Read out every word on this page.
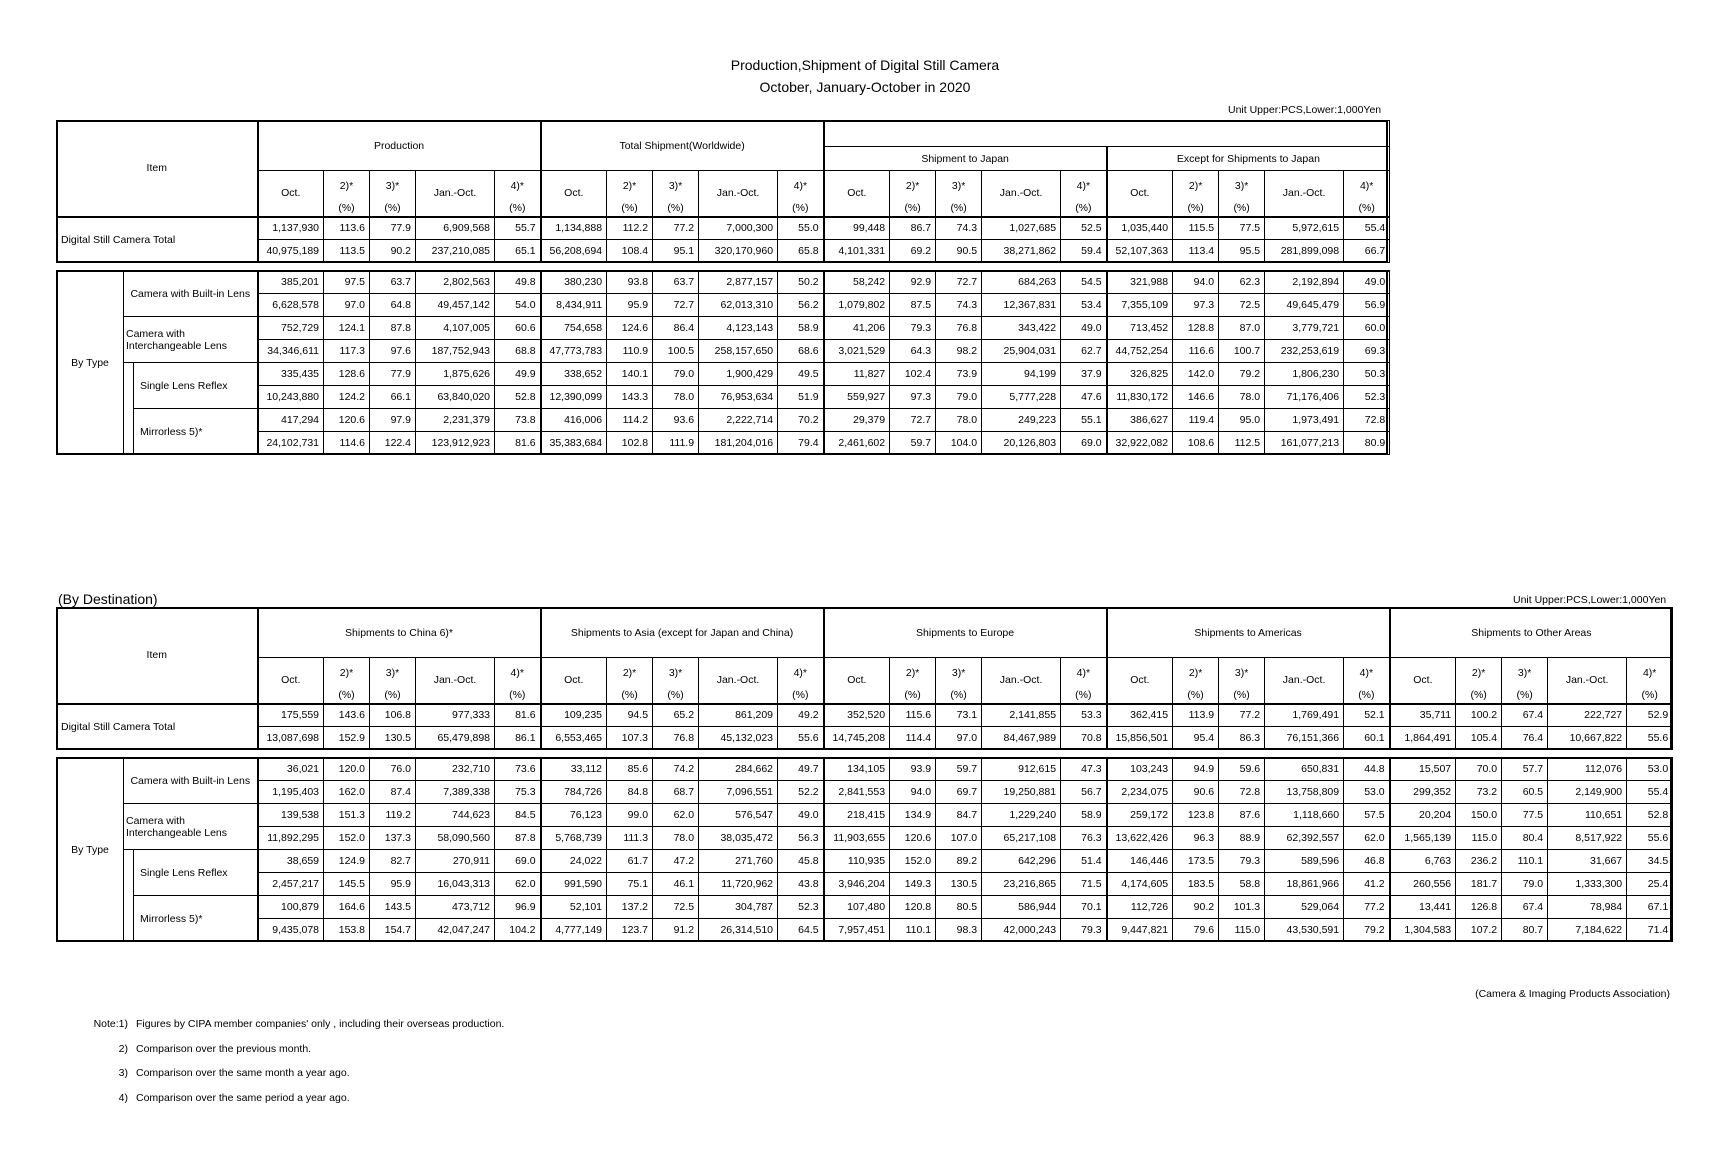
Production,Shipment of Digital Still Camera
October, January-October in 2020
Unit Upper:PCS,Lower:1,000Yen
Item			Production					Total Shipment(Worldwide)														
													Shipment to Japan					Except for Shipments to Japan				
			Oct.	2)*	3)*	Jan.-Oct.	4)*	Oct.	2)*	3)*	Jan.-Oct.	4)*	Oct.	2)*	3)*	Jan.-Oct.	4)*	Oct.	2)*	3)*	Jan.-Oct.	4)*
				(%)	(%)		(%)		(%)	(%)		(%)		(%)	(%)		(%)		(%)	(%)		(%)
Digital Still Camera Total			1,137,930	113.6	77.9	6,909,568	55.7	1,134,888	112.2	77.2	7,000,300	55.0	99,448	86.7	74.3	1,027,685	52.5	1,035,440	115.5	77.5	5,972,615	55.4
			40,975,189	113.5	90.2	237,210,085	65.1	56,208,694	108.4	95.1	320,170,960	65.8	4,101,331	69.2	90.5	38,271,862	59.4	52,107,363	113.4	95.5	281,899,098	66.7

By Type	Camera with Built-in Lens		385,201	97.5	63.7	2,802,563	49.8	380,230	93.8	63.7	2,877,157	50.2	58,242	92.9	72.7	684,263	54.5	321,988	94.0	62.3	2,192,894	49.0
			6,628,578	97.0	64.8	49,457,142	54.0	8,434,911	95.9	72.7	62,013,310	56.2	1,079,802	87.5	74.3	12,367,831	53.4	7,355,109	97.3	72.5	49,645,479	56.9

	Camera with
Interchangeable Lens		752,729	124.1	87.8	4,107,005	60.6	754,658	124.6	86.4	4,123,143	58.9	41,206	79.3	76.8	343,422	49.0	713,452	128.8	87.0	3,779,721	60.0
			34,346,611	117.3	97.6	187,752,943	68.8	47,773,783	110.9	100.5	258,157,650	68.6	3,021,529	64.3	98.2	25,904,031	62.7	44,752,254	116.6	100.7	232,253,619	69.3
		Single Lens Reflex	335,435	128.6	77.9	1,875,626	49.9	338,652	140.1	79.0	1,900,429	49.5	11,827	102.4	73.9	94,199	37.9	326,825	142.0	79.2	1,806,230	50.3
			10,243,880	124.2	66.1	63,840,020	52.8	12,390,099	143.3	78.0	76,953,634	51.9	559,927	97.3	79.0	5,777,228	47.6	11,830,172	146.6	78.0	71,176,406	52.3
		Mirrorless 5)*	417,294	120.6	97.9	2,231,379	73.8	416,006	114.2	93.6	2,222,714	70.2	29,379	72.7	78.0	249,223	55.1	386,627	119.4	95.0	1,973,491	72.8
			24,102,731	114.6	122.4	123,912,923	81.6	35,383,684	102.8	111.9	181,204,016	79.4	2,461,602	59.7	104.0	20,126,803	69.0	32,922,082	108.6	112.5	161,077,213	80.9
(By Destination)	Unit Upper:PCS,Lower:1,000Yen
Item			Shipments to China 6)*					Shipments to Asia (except for Japan and China)					Shipments to Europe					Shipments to Americas					Shipments to Other Areas				

			Oct.	2)*	3)*	Jan.-Oct.	4)*	Oct.	2)*	3)*	Jan.-Oct.	4)*	Oct.	2)*	3)*	Jan.-Oct.	4)*	Oct.	2)*	3)*	Jan.-Oct.	4)*	Oct.	2)*	3)*	Jan.-Oct.	4)*
				(%)	(%)		(%)		(%)	(%)		(%)		(%)	(%)		(%)		(%)	(%)		(%)		(%)	(%)		(%)
Digital Still Camera Total			175,559	143.6	106.8	977,333	81.6	109,235	94.5	65.2	861,209	49.2	352,520	115.6	73.1	2,141,855	53.3	362,415	113.9	77.2	1,769,491	52.1	35,711	100.2	67.4	222,727	52.9
			13,087,698	152.9	130.5	65,479,898	86.1	6,553,465	107.3	76.8	45,132,023	55.6	14,745,208	114.4	97.0	84,467,989	70.8	15,856,501	95.4	86.3	76,151,366	60.1	1,864,491	105.4	76.4	10,667,822	55.6

By Type	Camera with Built-in Lens		36,021	120.0	76.0	232,710	73.6	33,112	85.6	74.2	284,662	49.7	134,105	93.9	59.7	912,615	47.3	103,243	94.9	59.6	650,831	44.8	15,507	70.0	57.7	112,076	53.0
			1,195,403	162.0	87.4	7,389,338	75.3	784,726	84.8	68.7	7,096,551	52.2	2,841,553	94.0	69.7	19,250,881	56.7	2,234,075	90.6	72.8	13,758,809	53.0	299,352	73.2	60.5	2,149,900	55.4

	Camera with
Interchangeable Lens		139,538	151.3	119.2	744,623	84.5	76,123	99.0	62.0	576,547	49.0	218,415	134.9	84.7	1,229,240	58.9	259,172	123.8	87.6	1,118,660	57.5	20,204	150.0	77.5	110,651	52.8
			11,892,295	152.0	137.3	58,090,560	87.8	5,768,739	111.3	78.0	38,035,472	56.3	11,903,655	120.6	107.0	65,217,108	76.3	13,622,426	96.3	88.9	62,392,557	62.0	1,565,139	115.0	80.4	8,517,922	55.6
		Single Lens Reflex	38,659	124.9	82.7	270,911	69.0	24,022	61.7	47.2	271,760	45.8	110,935	152.0	89.2	642,296	51.4	146,446	173.5	79.3	589,596	46.8	6,763	236.2	110.1	31,667	34.5
			2,457,217	145.5	95.9	16,043,313	62.0	991,590	75.1	46.1	11,720,962	43.8	3,946,204	149.3	130.5	23,216,865	71.5	4,174,605	183.5	58.8	18,861,966	41.2	260,556	181.7	79.0	1,333,300	25.4
		Mirrorless 5)*	100,879	164.6	143.5	473,712	96.9	52,101	137.2	72.5	304,787	52.3	107,480	120.8	80.5	586,944	70.1	112,726	90.2	101.3	529,064	77.2	13,441	126.8	67.4	78,984	67.1
			9,435,078	153.8	154.7	42,047,247	104.2	4,777,149	123.7	91.2	26,314,510	64.5	7,957,451	110.1	98.3	42,000,243	79.3	9,447,821	79.6	115.0	43,530,591	79.2	1,304,583	107.2	80.7	7,184,622	71.4
(Camera & Imaging Products Association)
Note:1) Figures by CIPA member companies' only , including their overseas production.
2) Comparison over the previous month.
3) Comparison over the same month a year ago.
4) Comparison over the same period a year ago.
